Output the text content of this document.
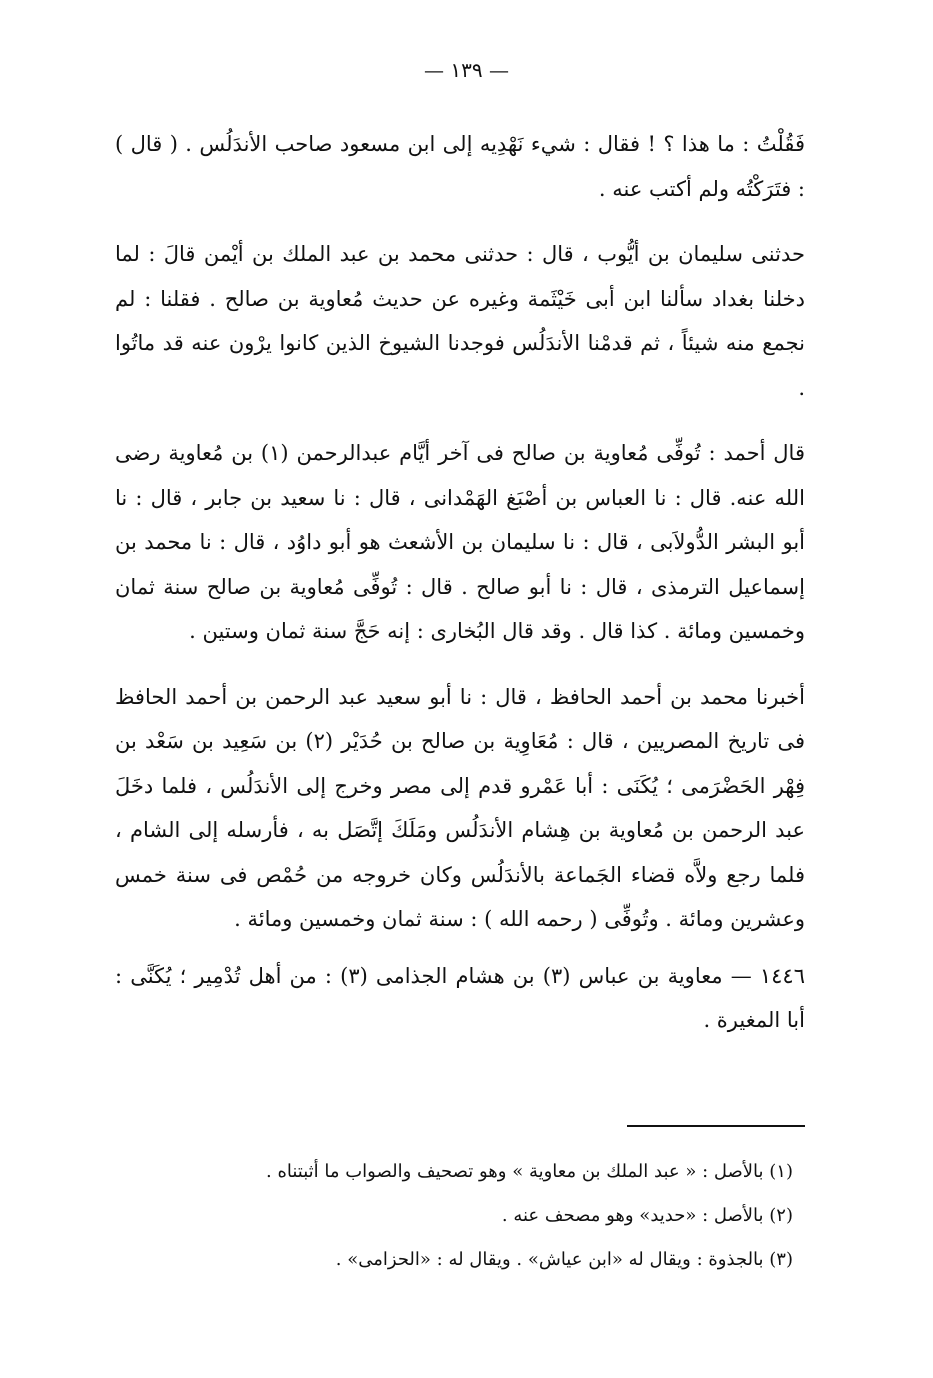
— ١٣٩ —

فَقُلْتُ : ما هذا ؟ ! فقال : شيء نَهْدِيه إلى ابن مسعود صاحب الأندَلُس . ( قال ) : فتَرَكْتُه ولم أكتب عنه .

حدثنى سليمان بن أيُّوب ، قال : حدثنى محمد بن عبد الملك بن أيْمن قالَ : لما دخلنا بغداد سألنا ابن أبى خَيْثَمة وغيره عن حديث مُعاوية بن صالح . فقلنا : لم نجمع منه شيئاً ، ثم قدمْنا الأندَلُس فوجدنا الشيوخ الذين كانوا يرْون عنه قد ماتُوا .

قال أحمد : تُوفِّى مُعاوية بن صالح فى آخر أيَّام عبدالرحمن (١) بن مُعاوية رضى الله عنه. قال : نا العباس بن أصْبَغ الهَمْدانى ، قال : نا سعيد بن جابر ، قال : نا أبو البشر الدُّولاَبى ، قال : نا سليمان بن الأشعث هو أبو داوُد ، قال : نا محمد بن إسماعيل الترمذى ، قال : نا أبو صالح . قال : تُوفِّى مُعاوية بن صالح سنة ثمان وخمسين ومائة . كذا قال . وقد قال البُخارى : إنه حَجَّ سنة ثمان وستين .

أخبرنا محمد بن أحمد الحافظ ، قال : نا أبو سعيد عبد الرحمن بن أحمد الحافظ فى تاريخ المصريين ، قال : مُعَاوِية بن صالح بن حُدَيْر (٢) بن سَعِيد بن سَعْد بن فِهْر الحَضْرَمى ؛ يُكَنَى : أبا عَمْرو قدم إلى مصر وخرج إلى الأندَلُس ، فلما دخَلَ عبد الرحمن بن مُعاوية بن هِشام الأندَلُس ومَلَكَ إتَّصَل به ، فأرسله إلى الشام ، فلما رجع ولاَّه قضاء الجَماعة بالأندَلُس وكان خروجه من حُمْص فى سنة خمس وعشرين ومائة . وتُوفِّى ( رحمه الله ) : سنة ثمان وخمسين ومائة .

١٤٤٦ — معاوية بن عباس (٣) بن هشام الجذامى (٣) : من أهل تُدْمِير ؛ يُكَنَّى : أبا المغيرة .

(١) بالأصل : « عبد الملك بن معاوية » وهو تصحيف والصواب ما أثبتناه .

(٢) بالأصل : «حديد» وهو مصحف عنه .

(٣) بالجذوة : ويقال له «ابن عياش» . ويقال له : «الحزامى» .
